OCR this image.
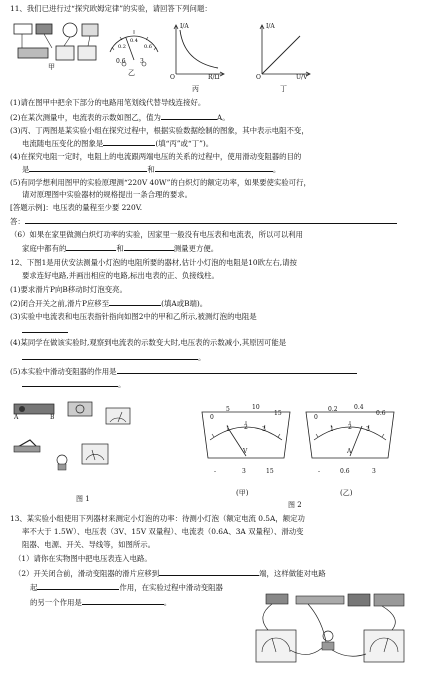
11、我们已进行过“探究欧姆定律”的实验，请回答下列问题：
甲
0.2
0.4
0.6
0.6 3
乙
I/A
R/Ω
O
丙
I/A
U/V
O
丁
(1)请在图甲中把余下部分的电路用笔划线代替导线连接好。
(2)在某次测量中，电流表的示数如图乙，值为	A。
(3)丙、丁两图是某实验小组在探究过程中，根据实验数据绘制的图象，其中表示电阻不变，
电流随电压变化的图象是	(填“丙”或“丁”)。
(4)在探究电阻一定时，电阻上的电流跟两端电压的关系的过程中，使用滑动变阻器的目的
是	和	。
(5)有同学想利用图甲的实验原理测“220V 40W”的白炽灯的额定功率，如果要使实验可行，
请对原理图中实验器材的规格提出一条合理的要求。
[答题示例]：电压表的量程至少要 220V.
答：
（6）如果在家里做测白炽灯功率的实验，因家里一般没有电压表和电流表，所以可以利用
家庭中都有的	和	测量更方便。
12、下图1是用伏安法测量小灯泡的电阻所要的器材,估计小灯泡的电阻是10欧左右,请按
要求连好电路,并画出相应的电路,标出电表的正、负接线柱。
(1)要求滑片P向B移动时灯泡变亮。
(2)闭合开关之前,滑片P应移至	(填A或B端)。
(3)实验中电流表和电压表指针指向如图2中的甲和乙所示,被测灯泡的电阻是
(4)某同学在做该实验时,观察到电流表的示数变大时,电压表的示数减小,其原因可能是
。
(5)本实验中滑动变阻器的作用是
。
A	B
图 1
0
5	10
15
1 2 3
V
-	3	15
(甲)
0
0.2	0.4
0.6
1 2 3
A
-	0.6	3
(乙)
图 2
13、某实验小组使用下列器材来测定小灯泡的功率：待测小灯泡（额定电流 0.5A，额定功
率不大于 1.5W）、电压表（3V、15V 双量程）、电流表（0.6A、3A 双量程）、滑动变
阻器、电源、开关、导线等，如图所示。
（1）请你在实物图中把电压表连入电路。
（2）开关闭合前，滑动变阻器的滑片应移到	端，这样做能对电路
起	作用，在实验过程中滑动变阻器
的另一个作用是	。
